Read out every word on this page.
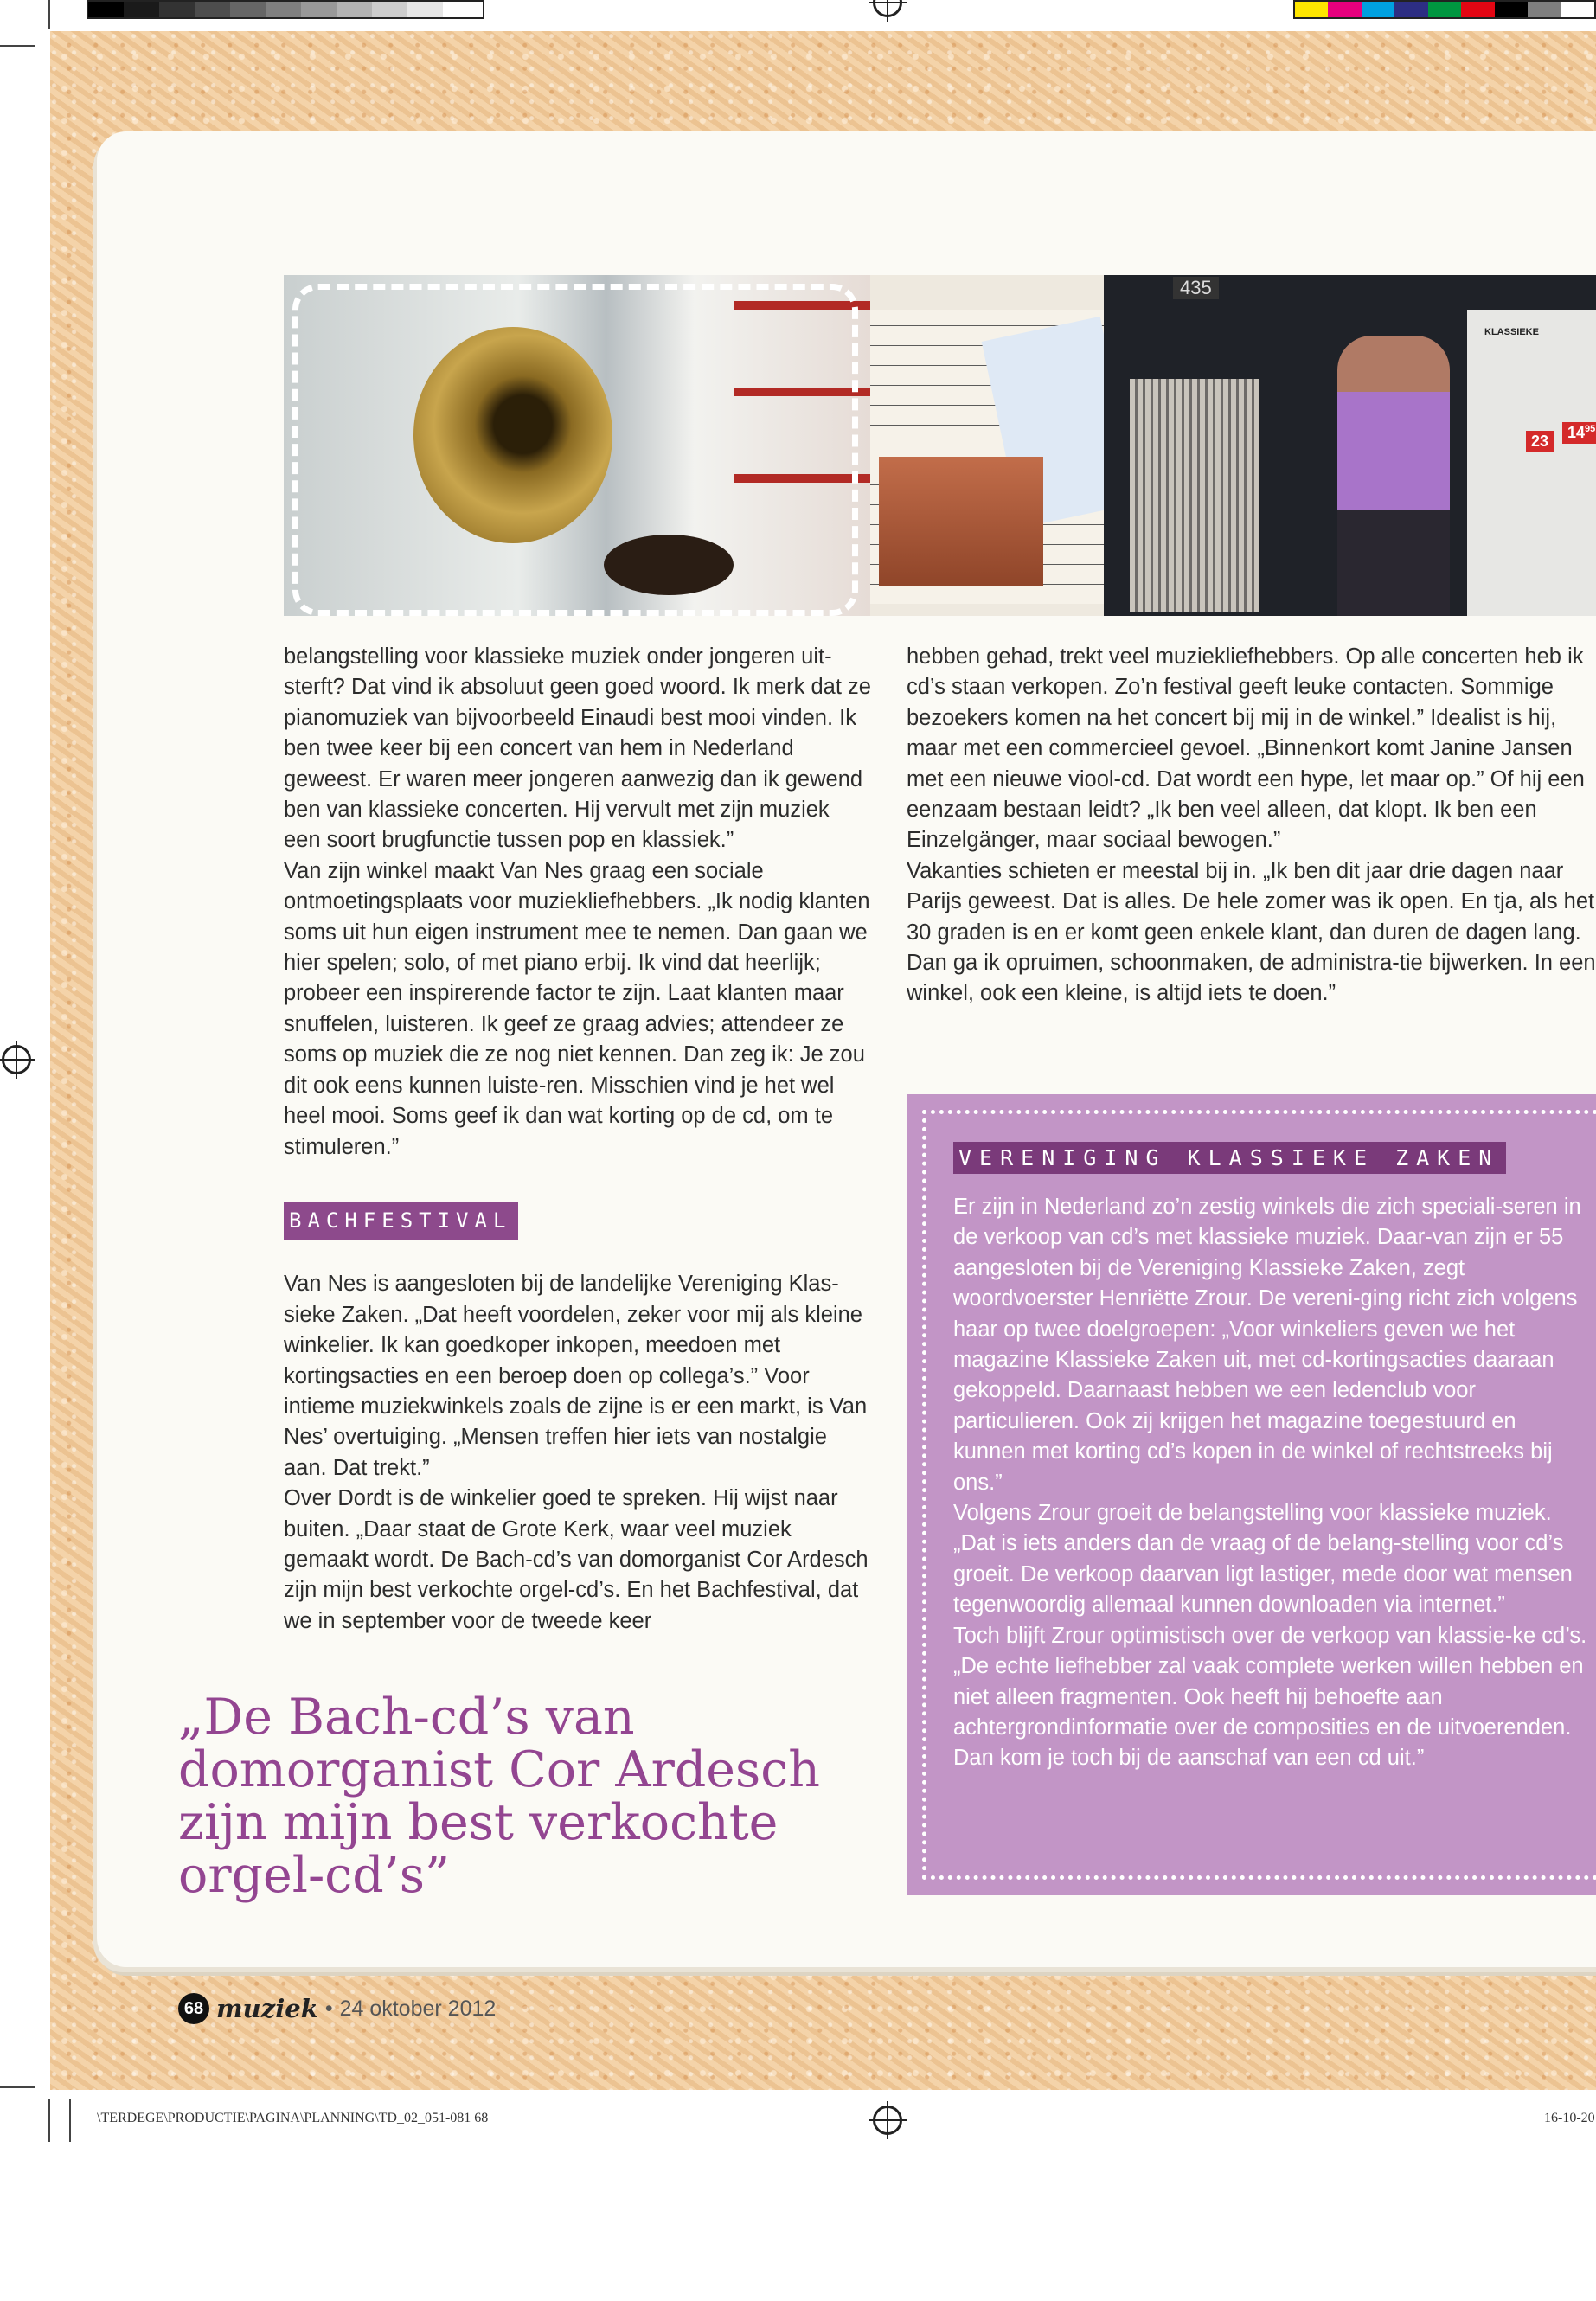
435
KLASSIEKE
23	$14^{95}$

belangstelling voor klassieke muziek onder jongeren uit-sterft? Dat vind ik absoluut geen goed woord. Ik merk dat ze pianomuziek van bijvoorbeeld Einaudi best mooi vinden. Ik ben twee keer bij een concert van hem in Nederland geweest. Er waren meer jongeren aanwezig dan ik gewend ben van klassieke concerten. Hij vervult met zijn muziek een soort brugfunctie tussen pop en klassiek.”

Van zijn winkel maakt Van Nes graag een sociale ontmoetingsplaats voor muziekliefhebbers. „Ik nodig klanten soms uit hun eigen instrument mee te nemen. Dan gaan we hier spelen; solo, of met piano erbij. Ik vind dat heerlijk; probeer een inspirerende factor te zijn. Laat klanten maar snuffelen, luisteren. Ik geef ze graag advies; attendeer ze soms op muziek die ze nog niet kennen. Dan zeg ik: Je zou dit ook eens kunnen luiste-ren. Misschien vind je het wel heel mooi. Soms geef ik dan wat korting op de cd, om te stimuleren.”

BACHFESTIVAL

Van Nes is aangesloten bij de landelijke Vereniging Klas-sieke Zaken. „Dat heeft voordelen, zeker voor mij als kleine winkelier. Ik kan goedkoper inkopen, meedoen met kortingsacties en een beroep doen op collega’s.” Voor intieme muziekwinkels zoals de zijne is er een markt, is Van Nes’ overtuiging. „Mensen treffen hier iets van nostalgie aan. Dat trekt.”

Over Dordt is de winkelier goed te spreken. Hij wijst naar buiten. „Daar staat de Grote Kerk, waar veel muziek gemaakt wordt. De Bach-cd’s van domorganist Cor Ardesch zijn mijn best verkochte orgel-cd’s. En het Bachfestival, dat we in september voor de tweede keer

„De Bach-cd’s van domorganist Cor Ardesch zijn mijn best verkochte orgel-cd’s”

hebben gehad, trekt veel muziekliefhebbers. Op alle concerten heb ik cd’s staan verkopen. Zo’n festival geeft leuke contacten. Sommige bezoekers komen na het concert bij mij in de winkel.” Idealist is hij, maar met een commercieel gevoel. „Binnenkort komt Janine Jansen met een nieuwe viool-cd. Dat wordt een hype, let maar op.” Of hij een eenzaam bestaan leidt? „Ik ben veel alleen, dat klopt. Ik ben een Einzelgänger, maar sociaal bewogen.”

Vakanties schieten er meestal bij in. „Ik ben dit jaar drie dagen naar Parijs geweest. Dat is alles. De hele zomer was ik open. En tja, als het 30 graden is en er komt geen enkele klant, dan duren de dagen lang. Dan ga ik opruimen, schoonmaken, de administra-tie bijwerken. In een winkel, ook een kleine, is altijd iets te doen.”

VERENIGING KLASSIEKE ZAKEN

Er zijn in Nederland zo’n zestig winkels die zich speciali-seren in de verkoop van cd’s met klassieke muziek. Daar-van zijn er 55 aangesloten bij de Vereniging Klassieke Zaken, zegt woordvoerster Henriëtte Zrour. De vereni-ging richt zich volgens haar op twee doelgroepen: „Voor winkeliers geven we het magazine Klassieke Zaken uit, met cd-kortingsacties daaraan gekoppeld. Daarnaast hebben we een ledenclub voor particulieren. Ook zij krijgen het magazine toegestuurd en kunnen met korting cd’s kopen in de winkel of rechtstreeks bij ons.”

Volgens Zrour groeit de belangstelling voor klassieke muziek. „Dat is iets anders dan de vraag of de belang-stelling voor cd’s groeit. De verkoop daarvan ligt lastiger, mede door wat mensen tegenwoordig allemaal kunnen downloaden via internet.”

Toch blijft Zrour optimistisch over de verkoop van klassie-ke cd’s. „De echte liefhebber zal vaak complete werken willen hebben en niet alleen fragmenten. Ook heeft hij behoefte aan achtergrondinformatie over de composities en de uitvoerenden. Dan kom je toch bij de aanschaf van een cd uit.”

68 muziek • 24 oktober 2012
\TERDEGE\PRODUCTIE\PAGINA\PLANNING\TD_02_051-081 68	16-10-20
